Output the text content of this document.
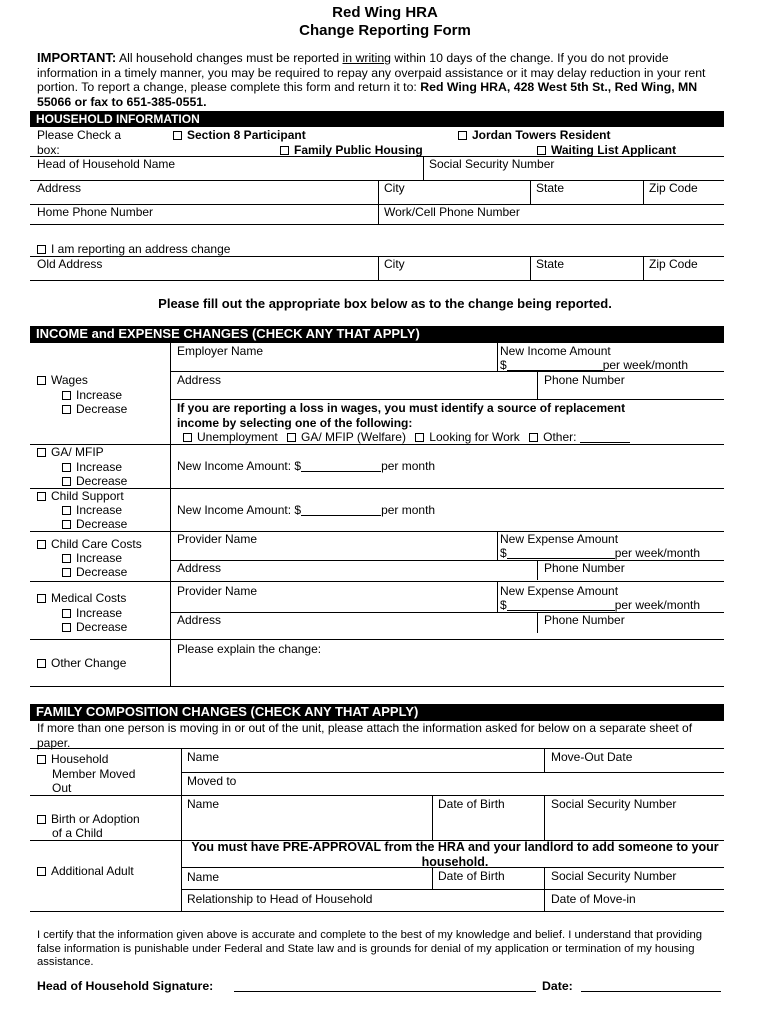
Red Wing HRA
Change Reporting Form
IMPORTANT: All household changes must be reported in writing within 10 days of the change. If you do not provide information in a timely manner, you may be required to repay any overpaid assistance or it may delay reduction in your rent portion. To report a change, please complete this form and return it to: Red Wing HRA, 428 West 5th St., Red Wing, MN 55066 or fax to 651-385-0551.
HOUSEHOLD INFORMATION
Please Check a
box:
Section 8 Participant	Jordan Towers Resident
Family Public Housing	Waiting List Applicant
Head of Household Name	Social Security Number
Address	City	State	Zip Code
Home Phone Number	Work/Cell Phone Number
I am reporting an address change
Old Address	City	State	Zip Code
Please fill out the appropriate box below as to the change being reported.
INCOME and EXPENSE CHANGES (CHECK ANY THAT APPLY)
Wages
Increase
Decrease
Employer Name	New Income Amount
$	per week/month
Address	Phone Number
If you are reporting a loss in wages, you must identify a source of replacement income by selecting one of the following:
Unemployment GA/ MFIP (Welfare) Looking for Work Other:
GA/ MFIP
Increase
Decrease
New Income Amount: $	per month
Child Support
Increase
Decrease
New Income Amount: $	per month
Child Care Costs
Increase
Decrease
Provider Name	New Expense Amount
$	per week/month
Address	Phone Number
Medical Costs
Increase
Decrease
Provider Name	New Expense Amount
$	per week/month
Address	Phone Number
Other Change
Please explain the change:
FAMILY COMPOSITION CHANGES (CHECK ANY THAT APPLY)
If more than one person is moving in or out of the unit, please attach the information asked for below on a separate sheet of paper.
Household
Member Moved
Out
Name	Move-Out Date
Moved to
Birth or Adoption
of a Child
Name	Date of Birth	Social Security Number
You must have PRE-APPROVAL from the HRA and your landlord to add someone to your household.
Additional Adult	Name	Date of Birth	Social Security Number
Relationship to Head of Household	Date of Move-in
I certify that the information given above is accurate and complete to the best of my knowledge and belief. I understand that providing false information is punishable under Federal and State law and is grounds for denial of my application or termination of my housing assistance.
Head of Household Signature:	Date:
